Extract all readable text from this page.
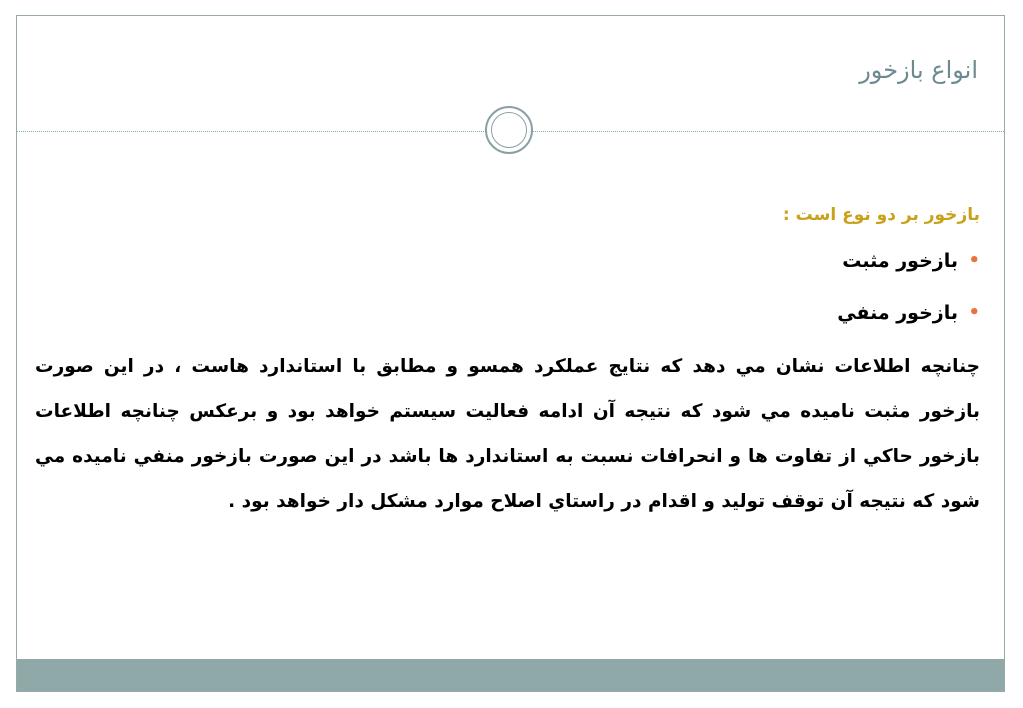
انواع بازخور
بازخور بر دو نوع است :
•
بازخور مثبت
•
بازخور منفي
چنانچه اطلاعات نشان مي دهد كه نتايج عملكرد همسو و مطابق با استاندارد هاست ، در اين صورت بازخور مثبت ناميده مي شود كه نتيجه آن ادامه فعاليت سيستم خواهد بود و برعكس چنانچه اطلاعات بازخور حاكي از تفاوت ها و انحرافات نسبت به استاندارد ها باشد در اين صورت بازخور منفي ناميده مي شود كه نتيجه آن توقف توليد و اقدام در راستاي اصلاح موارد مشكل دار خواهد بود .
